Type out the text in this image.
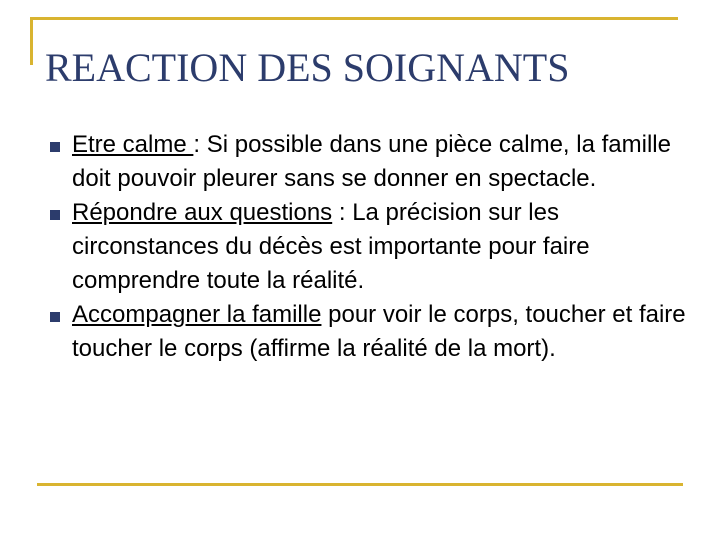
REACTION DES SOIGNANTS
Etre calme : Si possible dans une pièce calme, la famille doit pouvoir pleurer sans se donner en spectacle.
Répondre aux questions : La précision sur les circonstances du décès est importante pour faire comprendre toute la réalité.
Accompagner la famille pour voir le corps, toucher et faire toucher le corps (affirme la réalité de la mort).
